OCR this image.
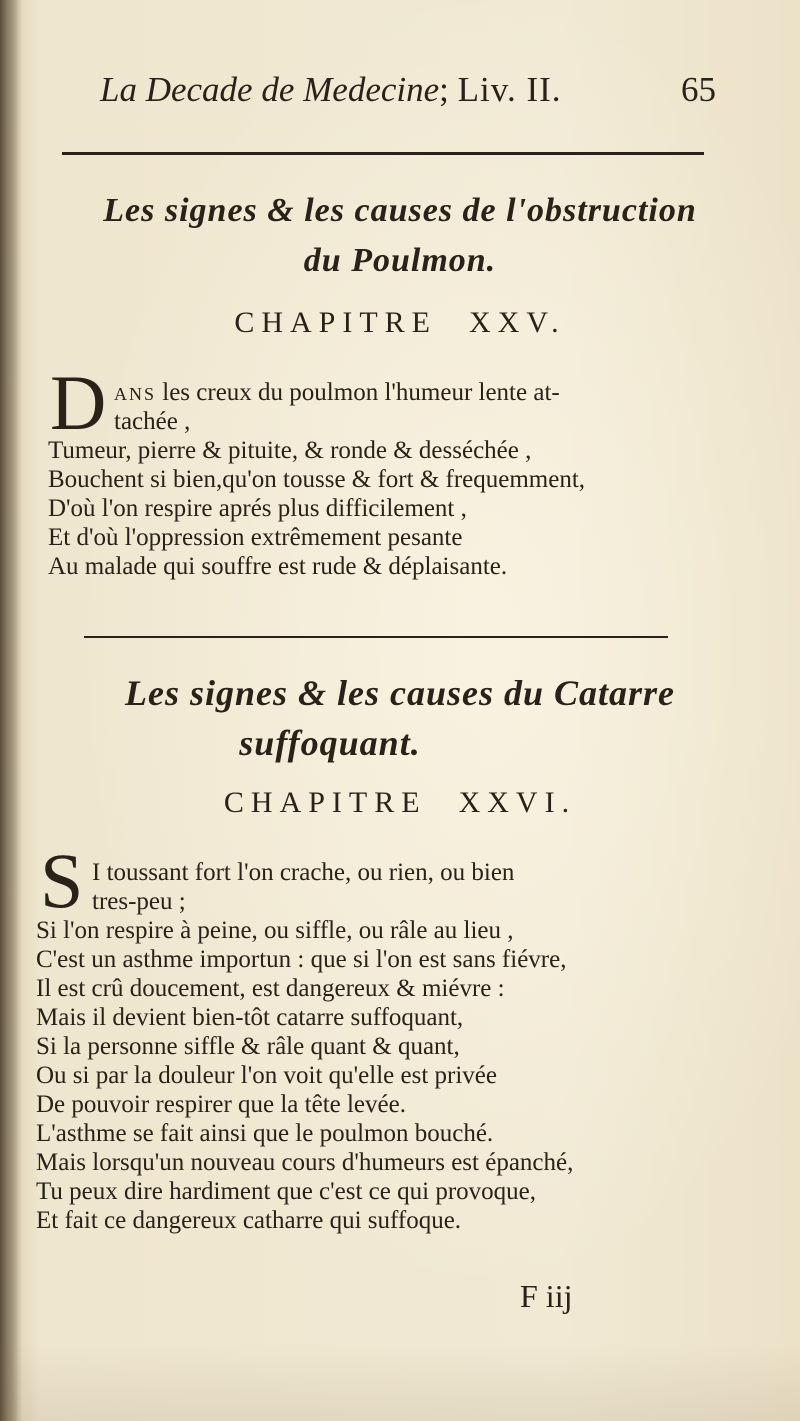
La Decade de Medecine; Liv. II.	65
Les signes & les causes de l'obstruction
du Poulmon.
CHAPITRE XXV.
D ANS les creux du poulmon l'humeur lente at-
tachée ,
Tumeur, pierre & pituite, & ronde & desséchée ,
Bouchent si bien,qu'on tousse & fort & frequemment,
D'où l'on respire aprés plus difficilement ,
Et d'où l'oppression extrêmement pesante
Au malade qui souffre est rude & déplaisante.
Les signes & les causes du Catarre
suffoquant.
CHAPITRE XXVI.
S I toussant fort l'on crache, ou rien, ou bien
tres-peu ;
Si l'on respire à peine, ou siffle, ou râle au lieu ,
C'est un asthme importun : que si l'on est sans fiévre,
Il est crû doucement, est dangereux & miévre :
Mais il devient bien-tôt catarre suffoquant,
Si la personne siffle & râle quant & quant,
Ou si par la douleur l'on voit qu'elle est privée
De pouvoir respirer que la tête levée.
L'asthme se fait ainsi que le poulmon bouché.
Mais lorsqu'un nouveau cours d'humeurs est épanché,
Tu peux dire hardiment que c'est ce qui provoque,
Et fait ce dangereux catharre qui suffoque.
F iij
